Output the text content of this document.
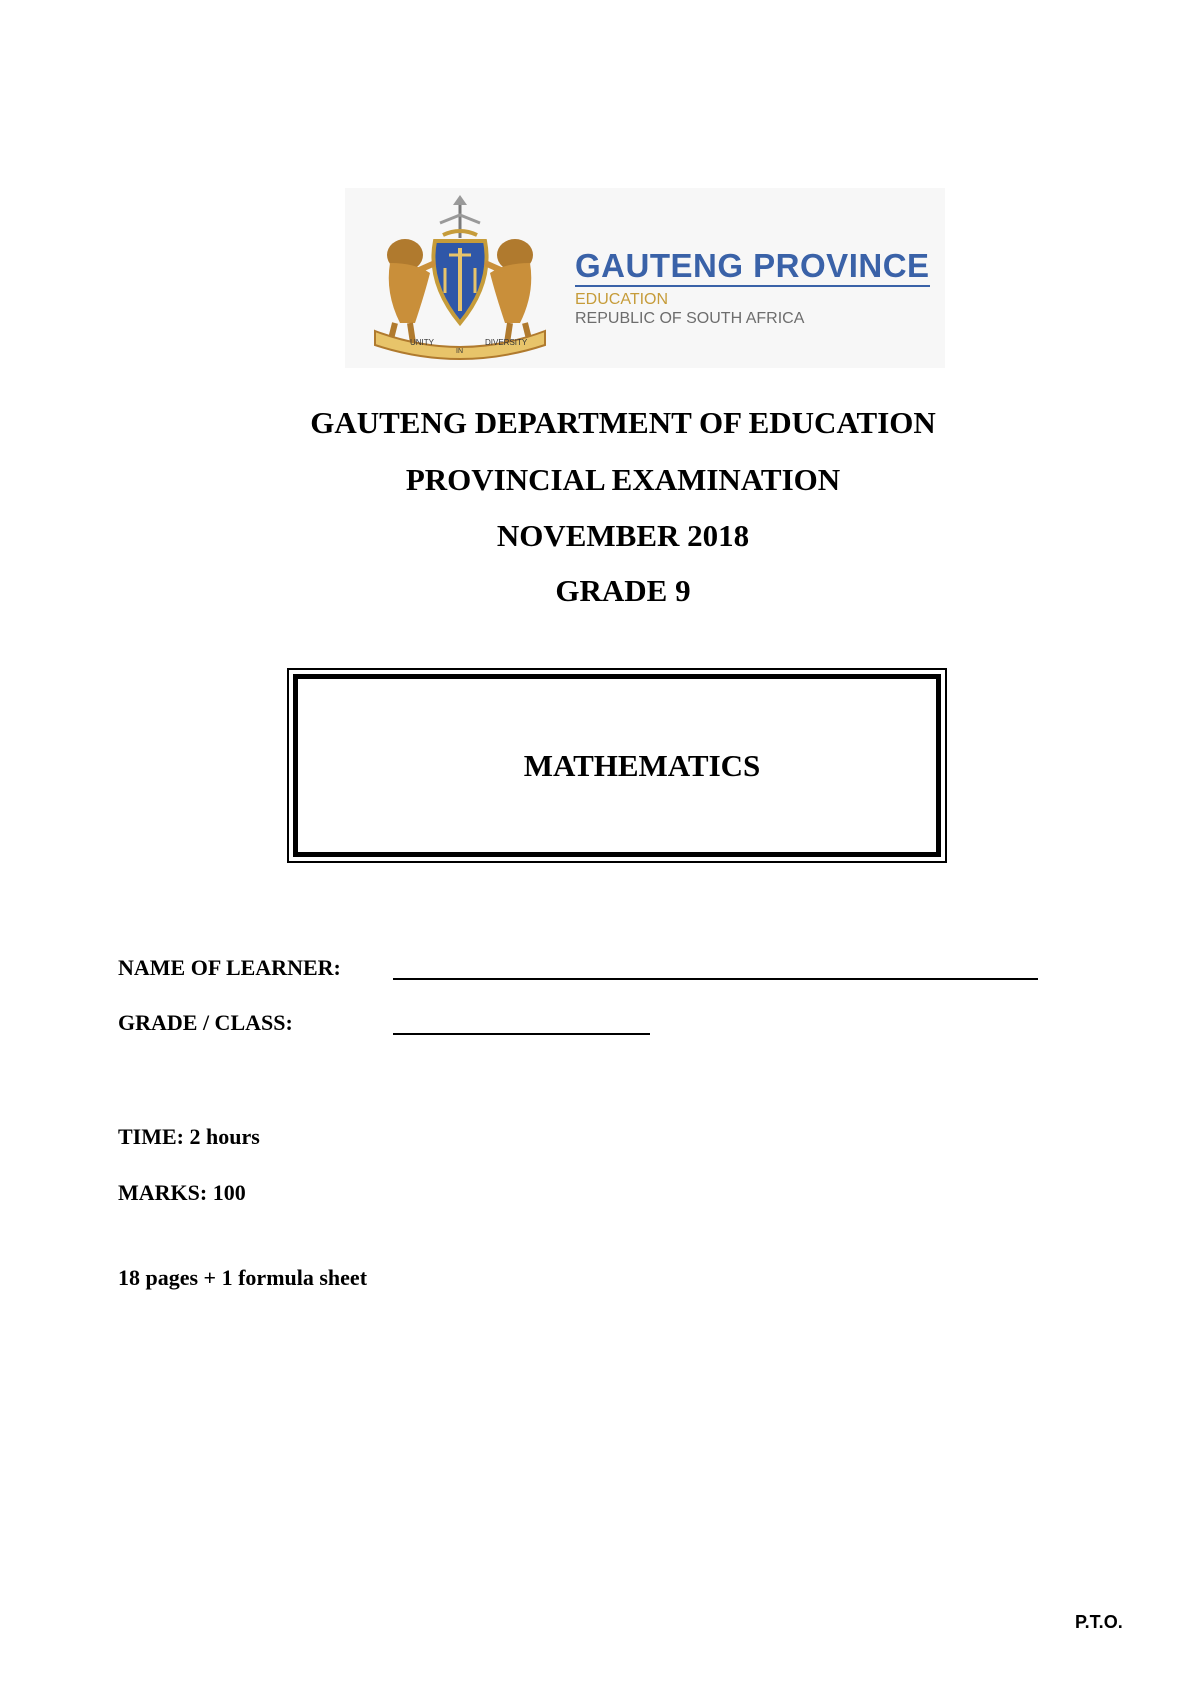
UNITY
IN
DIVERSITY
GAUTENG PROVINCE
EDUCATION
REPUBLIC OF SOUTH AFRICA
GAUTENG DEPARTMENT OF EDUCATION
PROVINCIAL EXAMINATION
NOVEMBER 2018
GRADE 9
MATHEMATICS
NAME OF LEARNER:
GRADE / CLASS:
TIME: 2 hours
MARKS: 100
18 pages + 1 formula sheet
P.T.O.
